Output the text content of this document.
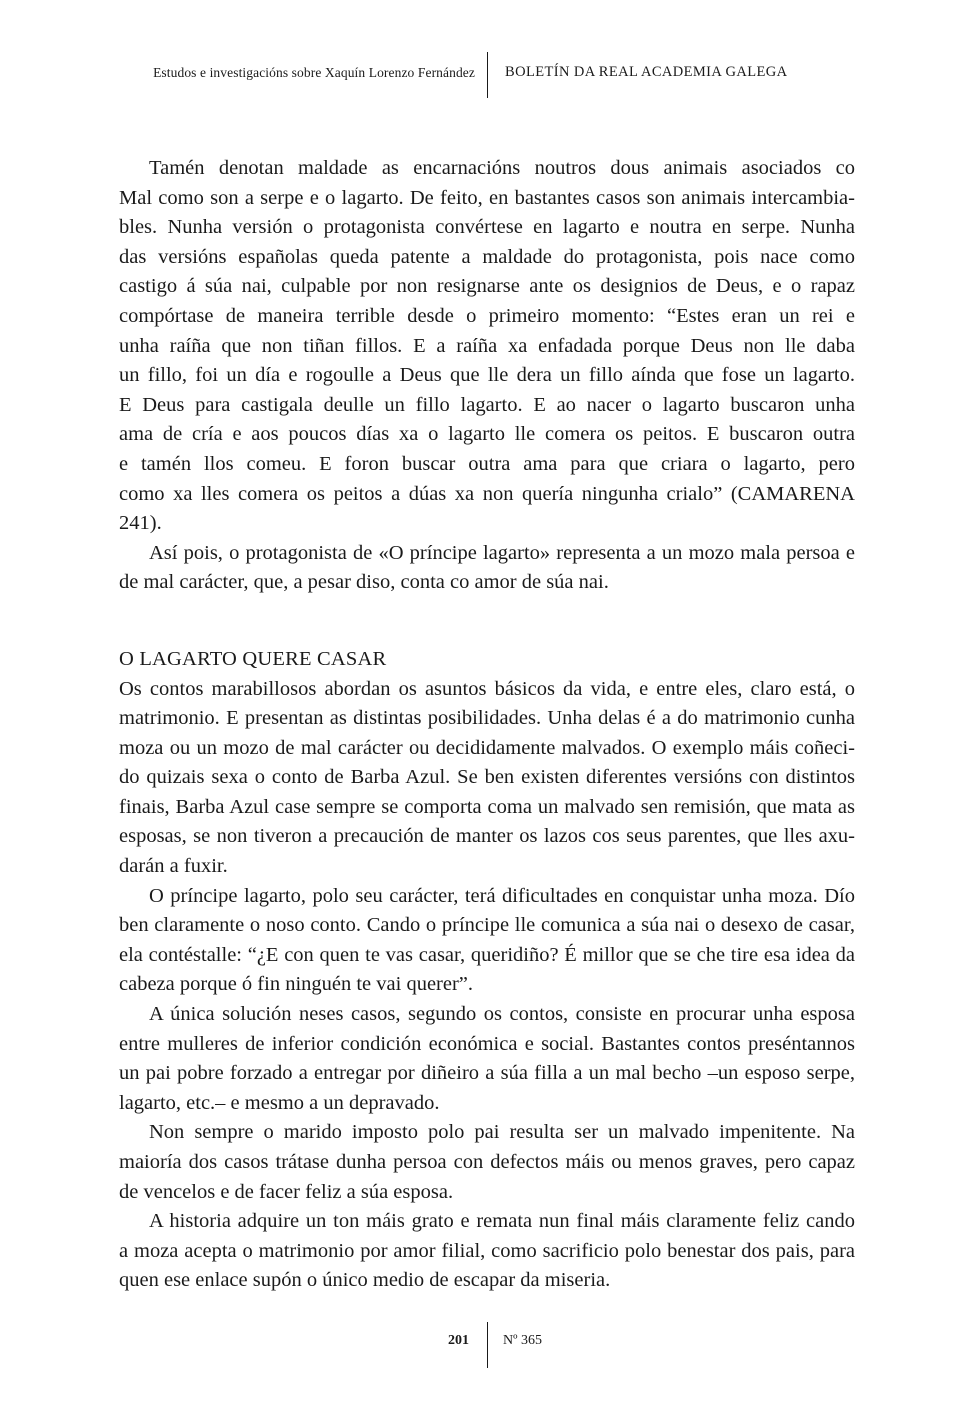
Estudos e investigacións sobre Xaquín Lorenzo Fernández BOLETÍN DA REAL ACADEMIA GALEGA
Tamén denotan maldade as encarnacións noutros dous animais asociados co
Mal como son a serpe e o lagarto. De feito, en bastantes casos son animais intercambia-
bles. Nunha versión o protagonista convértese en lagarto e noutra en serpe. Nunha
das versións españolas queda patente a maldade do protagonista, pois nace como
castigo á súa nai, culpable por non resignarse ante os designios de Deus, e o rapaz
compórtase de maneira terrible desde o primeiro momento: “Estes eran un rei e
unha raíña que non tiñan fillos. E a raíña xa enfadada porque Deus non lle daba
un fillo, foi un día e rogoulle a Deus que lle dera un fillo aínda que fose un lagarto.
E Deus para castigala deulle un fillo lagarto. E ao nacer o lagarto buscaron unha
ama de cría e aos poucos días xa o lagarto lle comera os peitos. E buscaron outra
e tamén llos comeu. E foron buscar outra ama para que criara o lagarto, pero
como xa lles comera os peitos a dúas xa non quería ningunha crialo” (CAMARENA
241).
Así pois, o protagonista de «O príncipe lagarto» representa a un mozo mala persoa e
de mal carácter, que, a pesar diso, conta co amor de súa nai.
O LAGARTO QUERE CASAR
Os contos marabillosos abordan os asuntos básicos da vida, e entre eles, claro está, o
matrimonio. E presentan as distintas posibilidades. Unha delas é a do matrimonio cunha
moza ou un mozo de mal carácter ou decididamente malvados. O exemplo máis coñeci-
do quizais sexa o conto de Barba Azul. Se ben existen diferentes versións con distintos
finais, Barba Azul case sempre se comporta coma un malvado sen remisión, que mata as
esposas, se non tiveron a precaución de manter os lazos cos seus parentes, que lles axu-
darán a fuxir.
O príncipe lagarto, polo seu carácter, terá dificultades en conquistar unha moza. Dío
ben claramente o noso conto. Cando o príncipe lle comunica a súa nai o desexo de casar,
ela contéstalle: “¿E con quen te vas casar, queridiño? É millor que se che tire esa idea da
cabeza porque ó fin ninguén te vai querer”.
A única solución neses casos, segundo os contos, consiste en procurar unha esposa
entre mulleres de inferior condición económica e social. Bastantes contos preséntannos
un pai pobre forzado a entregar por diñeiro a súa filla a un mal becho –un esposo serpe,
lagarto, etc.– e mesmo a un depravado.
Non sempre o marido imposto polo pai resulta ser un malvado impenitente. Na
maioría dos casos trátase dunha persoa con defectos máis ou menos graves, pero capaz
de vencelos e de facer feliz a súa esposa.
A historia adquire un ton máis grato e remata nun final máis claramente feliz cando
a moza acepta o matrimonio por amor filial, como sacrificio polo benestar dos pais, para
quen ese enlace supón o único medio de escapar da miseria.
201 Nº 365
